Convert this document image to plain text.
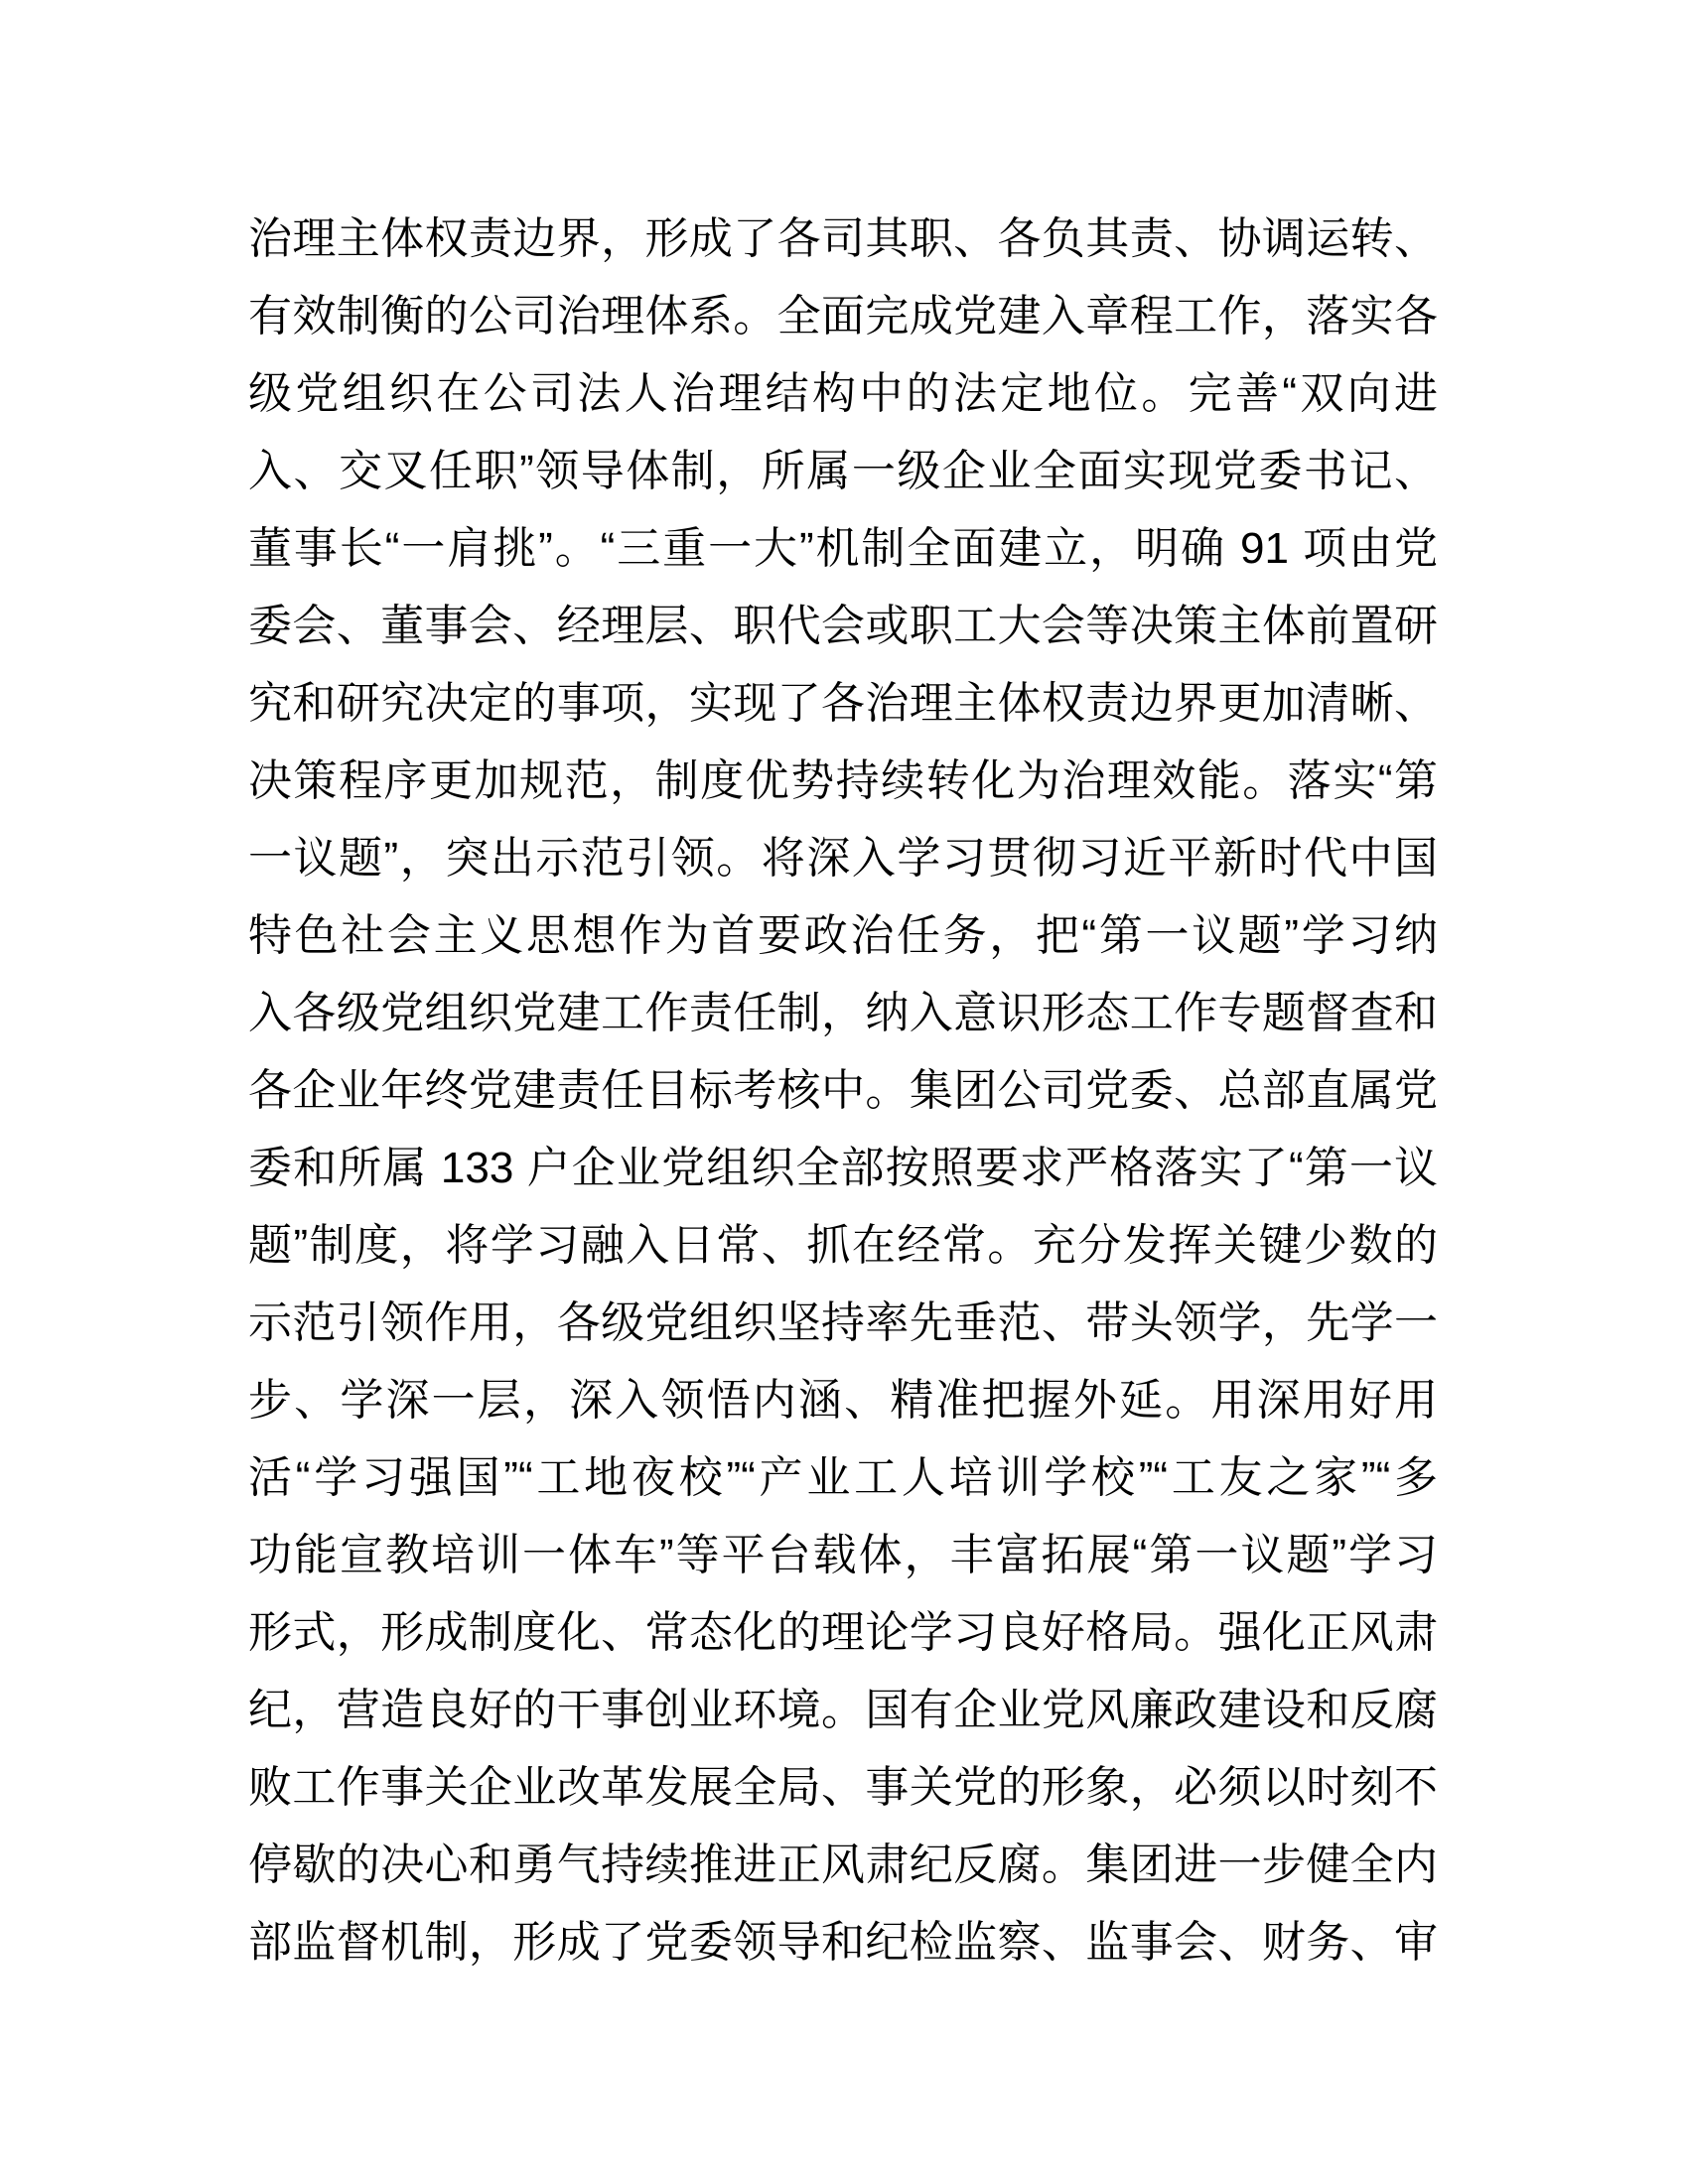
治理主体权责边界，形成了各司其职、各负其责、协调运转、
有效制衡的公司治理体系。全面完成党建入章程工作，落实各
级党组织在公司法人治理结构中的法定地位。完善“双向进
入、交叉任职”领导体制，所属一级企业全面实现党委书记、
董事长“一肩挑”。“三重一大”机制全面建立，明确 91 项由党
委会、董事会、经理层、职代会或职工大会等决策主体前置研
究和研究决定的事项，实现了各治理主体权责边界更加清晰、
决策程序更加规范，制度优势持续转化为治理效能。落实“第
一议题”，突出示范引领。将深入学习贯彻习近平新时代中国
特色社会主义思想作为首要政治任务，把“第一议题”学习纳
入各级党组织党建工作责任制，纳入意识形态工作专题督查和
各企业年终党建责任目标考核中。集团公司党委、总部直属党
委和所属 133 户企业党组织全部按照要求严格落实了“第一议
题”制度，将学习融入日常、抓在经常。充分发挥关键少数的
示范引领作用，各级党组织坚持率先垂范、带头领学，先学一
步、学深一层，深入领悟内涵、精准把握外延。用深用好用
活“学习强国”“工地夜校”“产业工人培训学校”“工友之家”“多
功能宣教培训一体车”等平台载体，丰富拓展“第一议题”学习
形式，形成制度化、常态化的理论学习良好格局。强化正风肃
纪，营造良好的干事创业环境。国有企业党风廉政建设和反腐
败工作事关企业改革发展全局、事关党的形象，必须以时刻不
停歇的决心和勇气持续推进正风肃纪反腐。集团进一步健全内
部监督机制，形成了党委领导和纪检监察、监事会、财务、审
